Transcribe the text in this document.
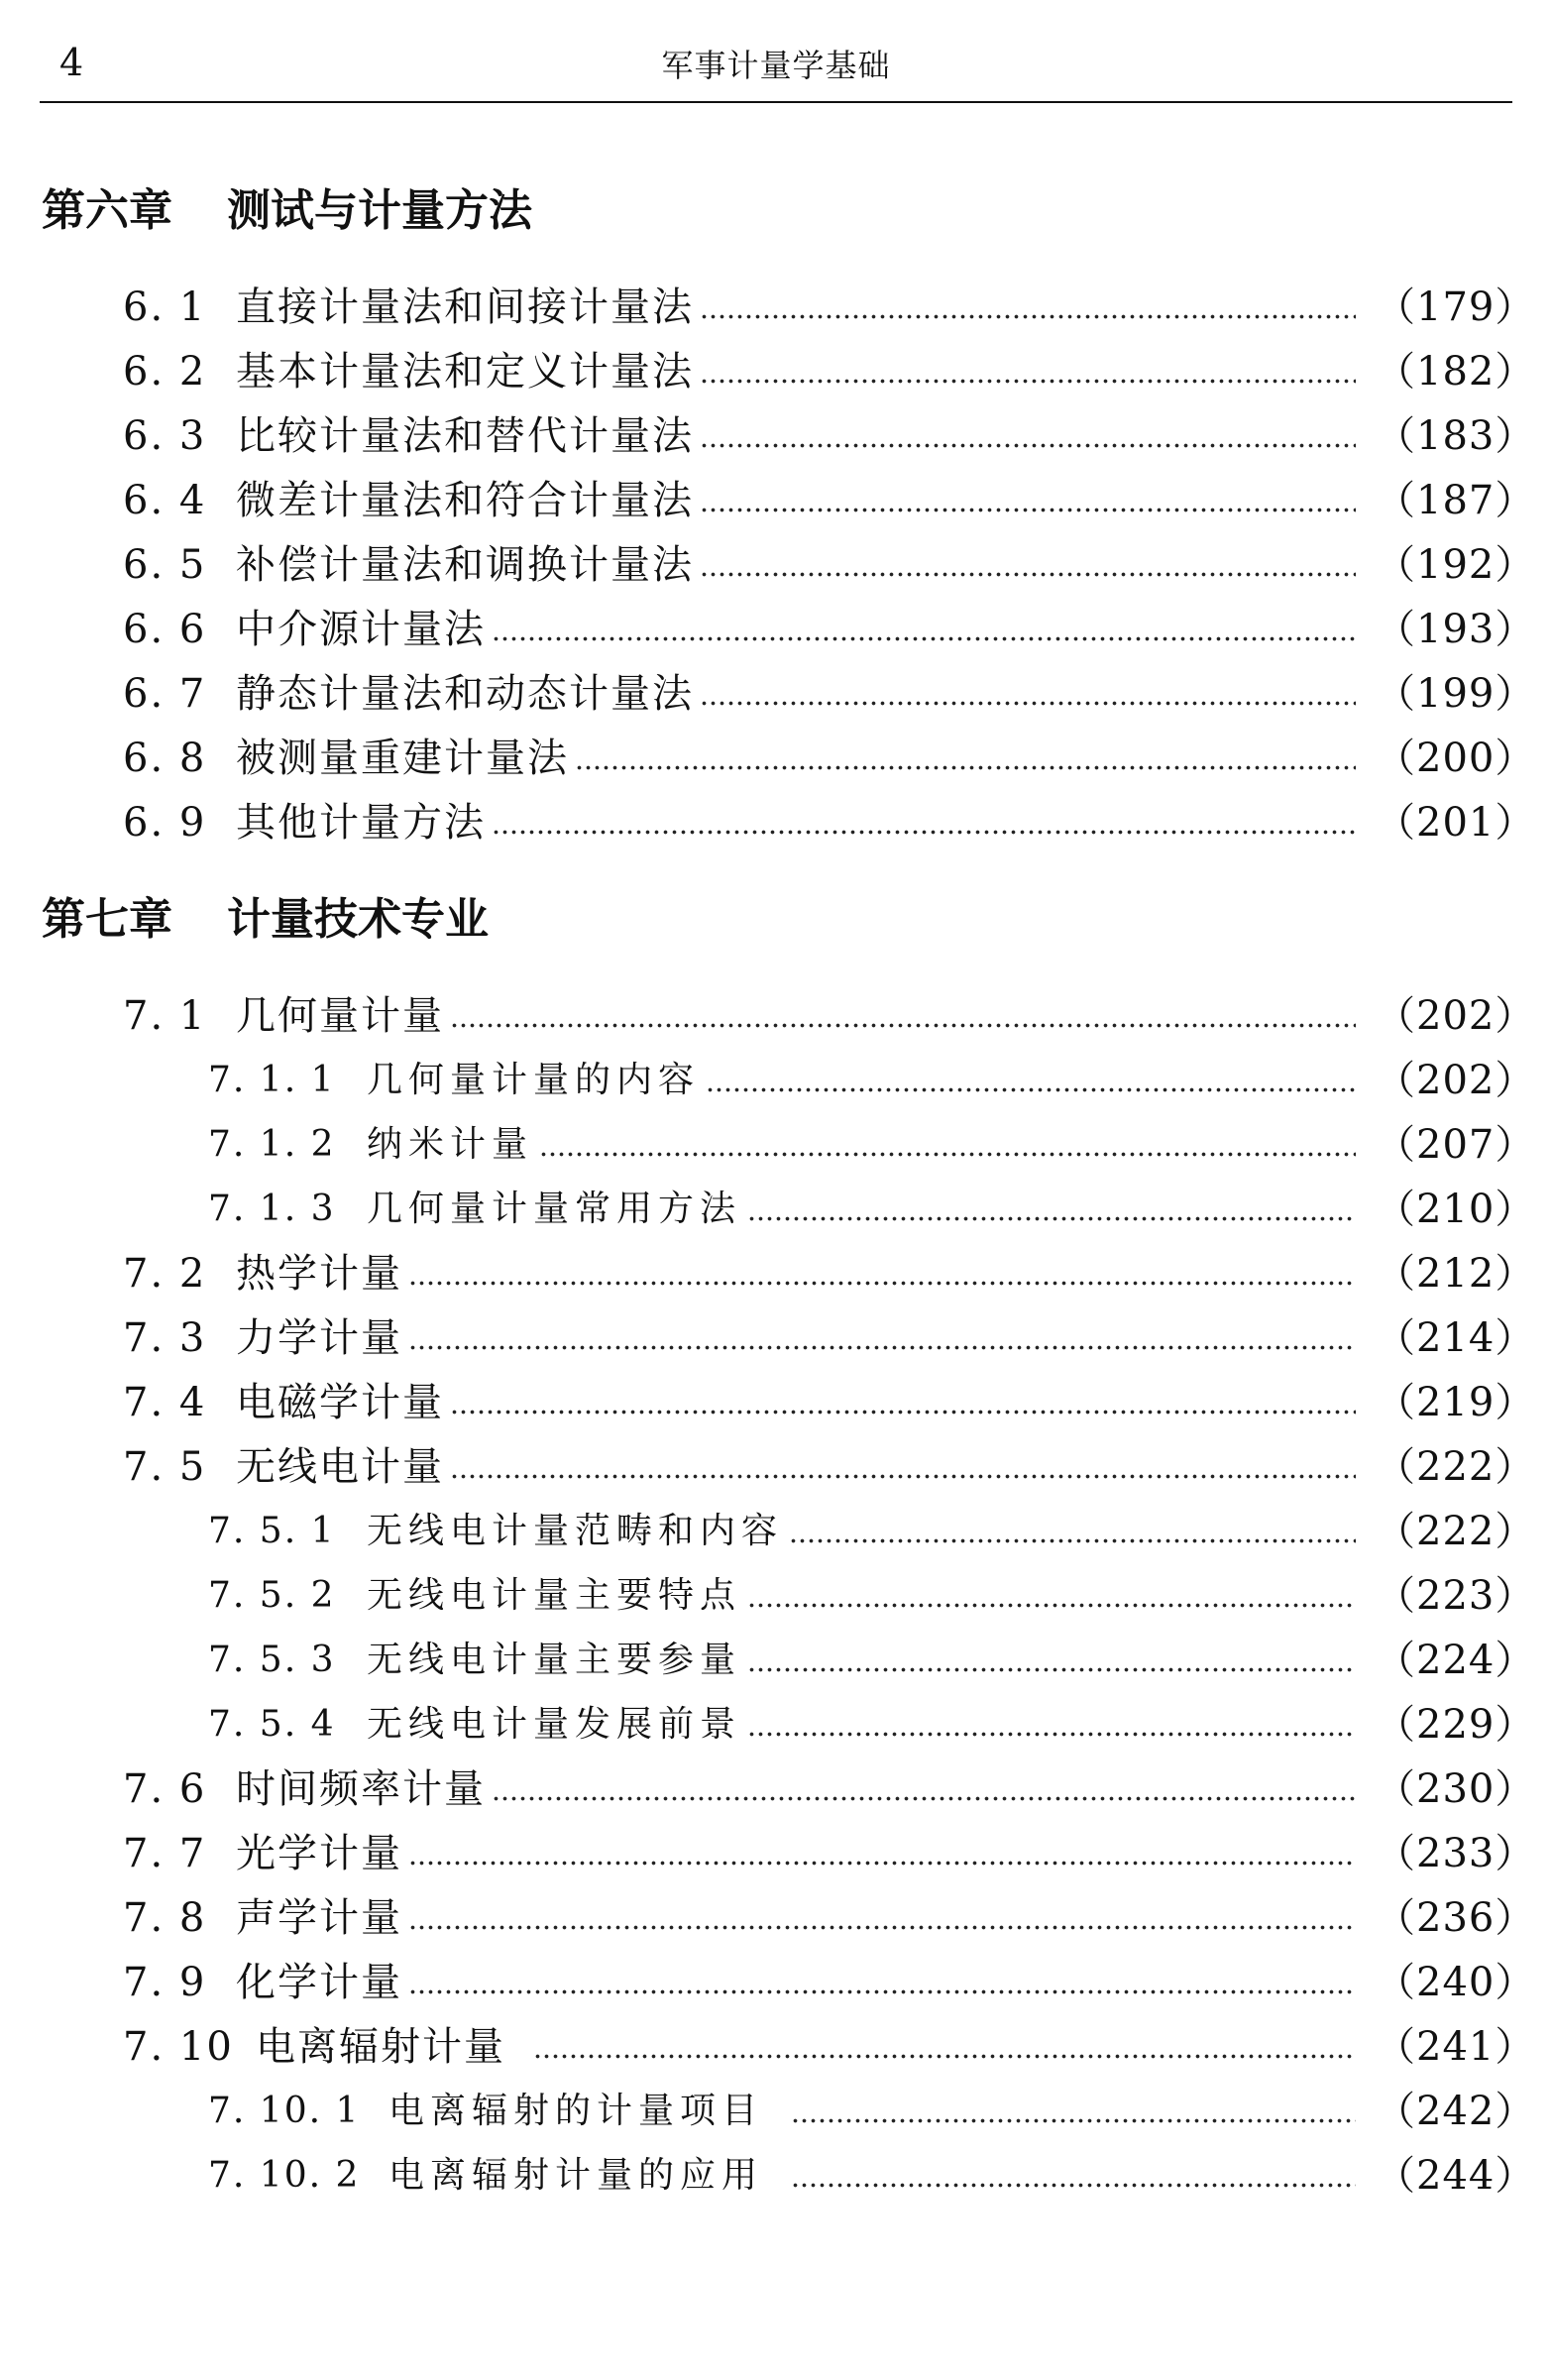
4	军事计量学基础
第六章 测试与计量方法
6. 1 直接计量法和间接计量法	（179）
6. 2 基本计量法和定义计量法	（182）
6. 3 比较计量法和替代计量法	（183）
6. 4 微差计量法和符合计量法	（187）
6. 5 补偿计量法和调换计量法	（192）
6. 6 中介源计量法	（193）
6. 7 静态计量法和动态计量法	（199）
6. 8 被测量重建计量法	（200）
6. 9 其他计量方法	（201）
第七章 计量技术专业
7. 1 几何量计量	（202）
7. 1. 1 几何量计量的内容	（202）
7. 1. 2 纳米计量	（207）
7. 1. 3 几何量计量常用方法	（210）
7. 2 热学计量	（212）
7. 3 力学计量	（214）
7. 4 电磁学计量	（219）
7. 5 无线电计量	（222）
7. 5. 1 无线电计量范畴和内容	（222）
7. 5. 2 无线电计量主要特点	（223）
7. 5. 3 无线电计量主要参量	（224）
7. 5. 4 无线电计量发展前景	（229）
7. 6 时间频率计量	（230）
7. 7 光学计量	（233）
7. 8 声学计量	（236）
7. 9 化学计量	（240）
7. 10 电离辐射计量	（241）
7. 10. 1 电离辐射的计量项目	（242）
7. 10. 2 电离辐射计量的应用	（244）
